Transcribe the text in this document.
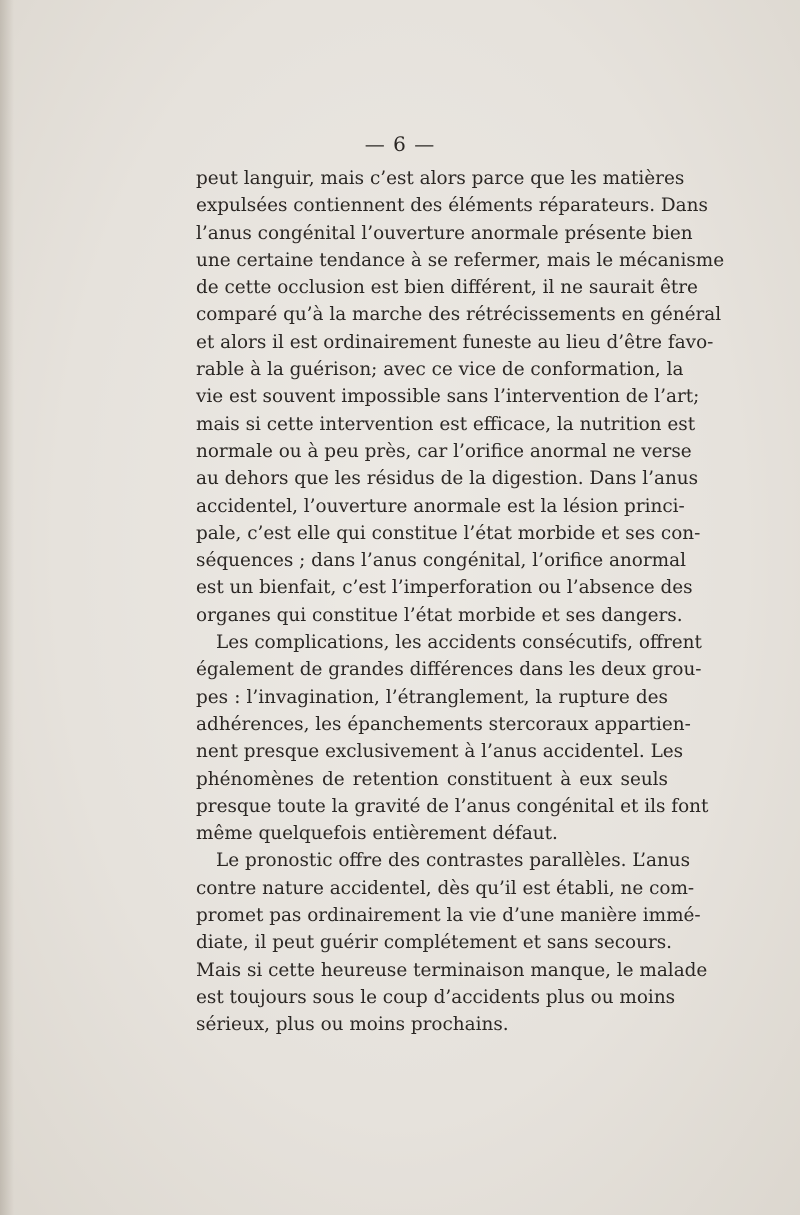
— 6 —
peut languir, mais c’est alors parce que les matières
expulsées contiennent des éléments réparateurs. Dans
l’anus congénital l’ouverture anormale présente bien
une certaine tendance à se refermer, mais le mécanisme
de cette occlusion est bien différent, il ne saurait être
comparé qu’à la marche des rétrécissements en général
et alors il est ordinairement funeste au lieu d’être favo-
rable à la guérison; avec ce vice de conformation, la
vie est souvent impossible sans l’intervention de l’art;
mais si cette intervention est efficace, la nutrition est
normale ou à peu près, car l’orifice anormal ne verse
au dehors que les résidus de la digestion. Dans l’anus
accidentel, l’ouverture anormale est la lésion princi-
pale, c’est elle qui constitue l’état morbide et ses con-
séquences ; dans l’anus congénital, l’orifice anormal
est un bienfait, c’est l’imperforation ou l’absence des
organes qui constitue l’état morbide et ses dangers.
Les complications, les accidents consécutifs, offrent
également de grandes différences dans les deux grou-
pes : l’invagination, l’étranglement, la rupture des
adhérences, les épanchements stercoraux appartien-
nent presque exclusivement à l’anus accidentel. Les
phénomènes de retention constituent à eux seuls
presque toute la gravité de l’anus congénital et ils font
même quelquefois entièrement défaut.
Le pronostic offre des contrastes parallèles. L’anus
contre nature accidentel, dès qu’il est établi, ne com-
promet pas ordinairement la vie d’une manière immé-
diate, il peut guérir complétement et sans secours.
Mais si cette heureuse terminaison manque, le malade
est toujours sous le coup d’accidents plus ou moins
sérieux, plus ou moins prochains.
